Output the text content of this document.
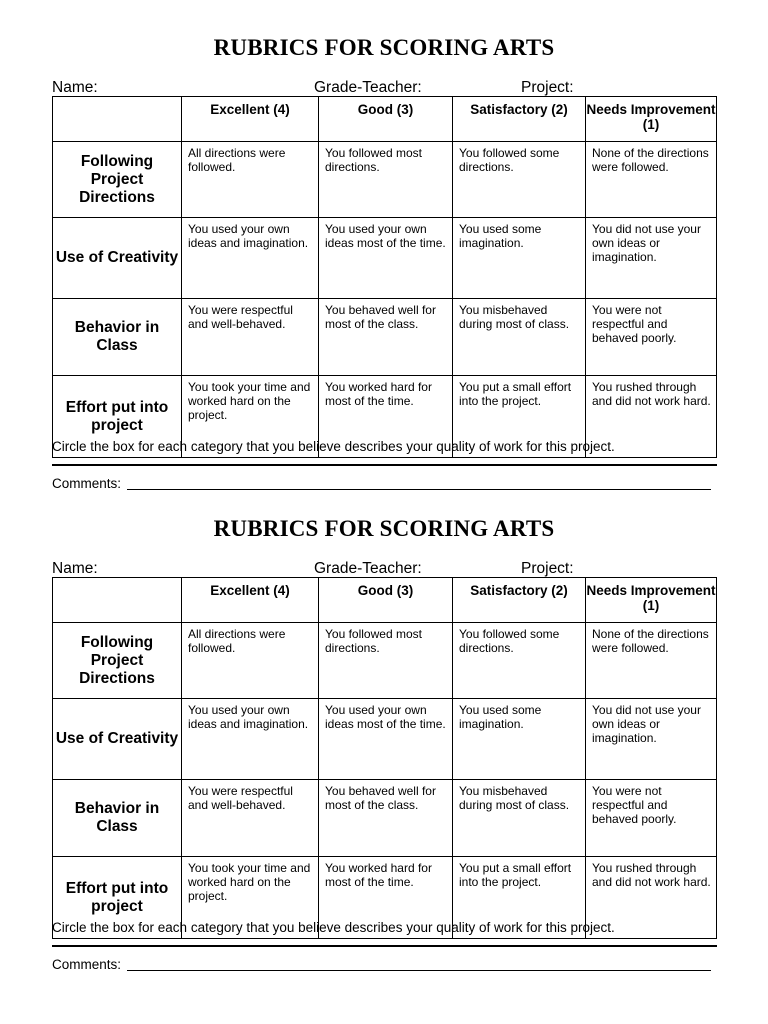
RUBRICS FOR SCORING ARTS
Name:	Grade-Teacher:	Project:
	Excellent (4)	Good (3)	Satisfactory (2)	Needs Improvement (1)
Following Project Directions	All directions were followed.	You followed most directions.	You followed some directions.	None of the directions were followed.
Use of Creativity	You used your own ideas and imagination.	You used your own ideas most of the time.	You used some imagination.	You did not use your own ideas or imagination.
Behavior in Class	You were respectful and well-behaved.	You behaved well for most of the class.	You misbehaved during most of class.	You were not respectful and behaved poorly.
Effort put into project	You took your time and worked hard on the project.	You worked hard for most of the time.	You put a small effort into the project.	You rushed through and did not work hard.
Circle the box for each category that you believe describes your quality of work for this project.
Comments:
RUBRICS FOR SCORING ARTS
Name:	Grade-Teacher:	Project:
	Excellent (4)	Good (3)	Satisfactory (2)	Needs Improvement (1)
Following Project Directions	All directions were followed.	You followed most directions.	You followed some directions.	None of the directions were followed.
Use of Creativity	You used your own ideas and imagination.	You used your own ideas most of the time.	You used some imagination.	You did not use your own ideas or imagination.
Behavior in Class	You were respectful and well-behaved.	You behaved well for most of the class.	You misbehaved during most of class.	You were not respectful and behaved poorly.
Effort put into project	You took your time and worked hard on the project.	You worked hard for most of the time.	You put a small effort into the project.	You rushed through and did not work hard.
Circle the box for each category that you believe describes your quality of work for this project.
Comments:
